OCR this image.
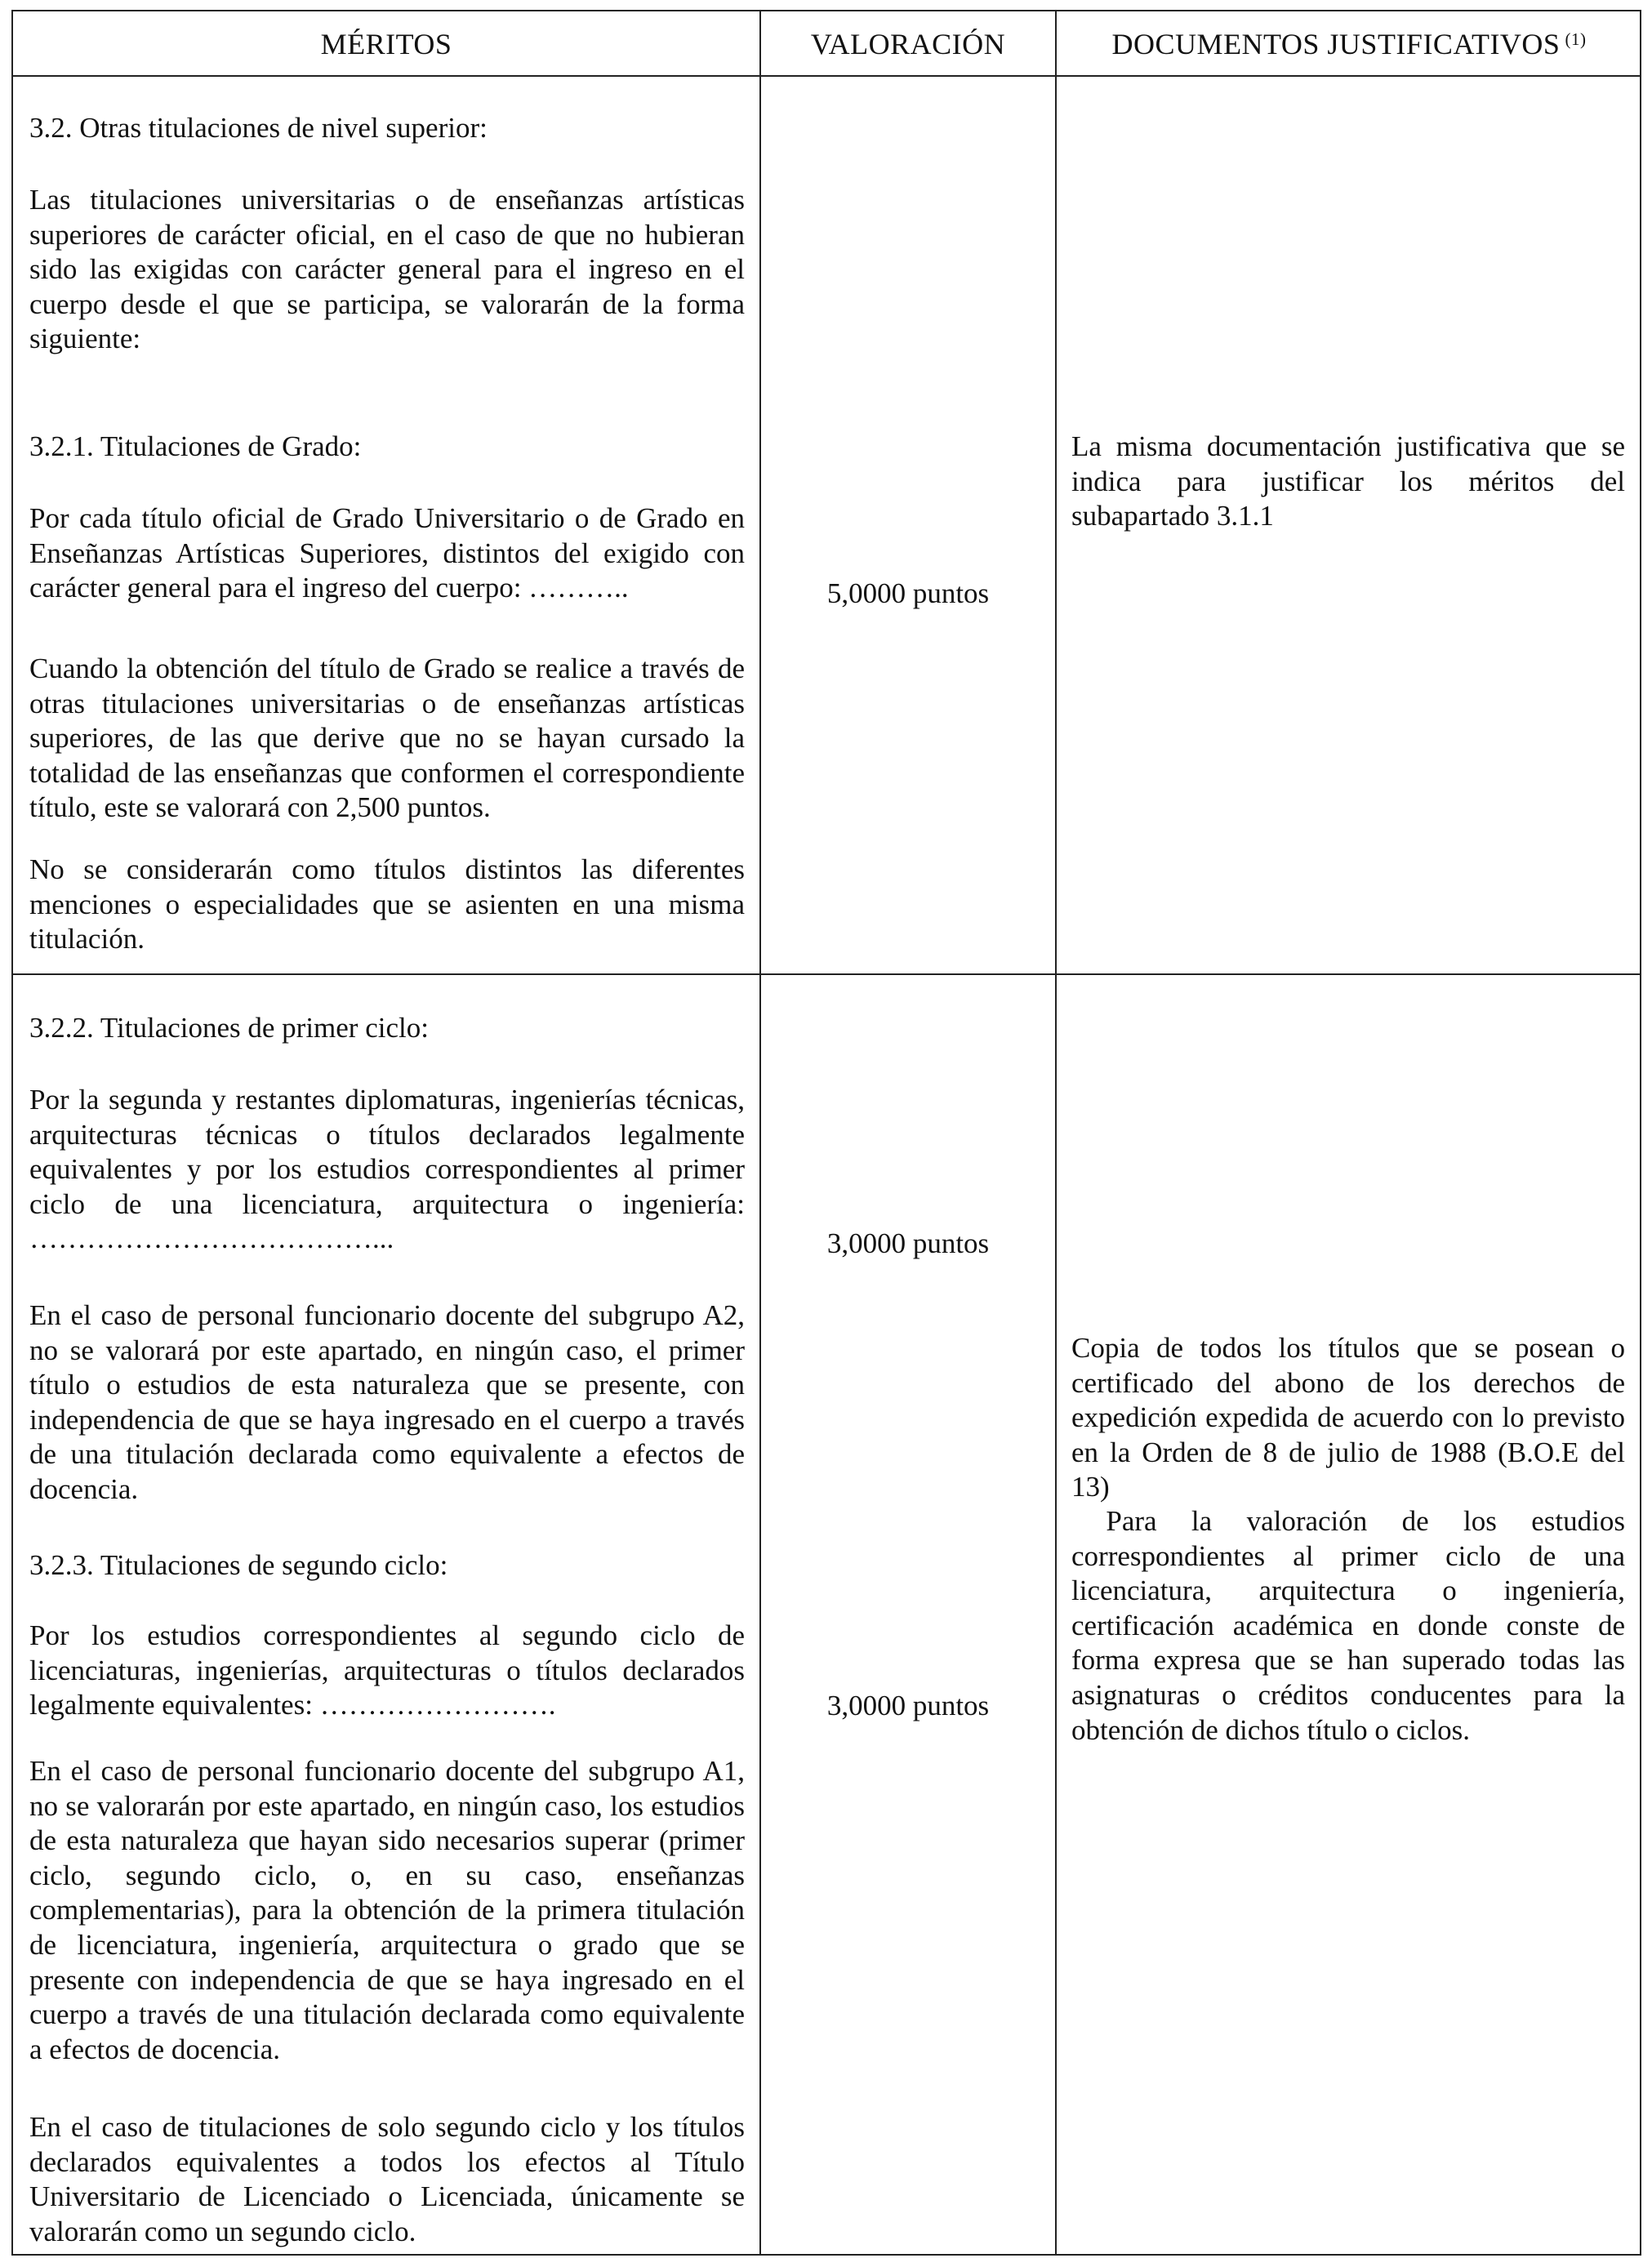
MÉRITOS	VALORACIÓN	DOCUMENTOS JUSTIFICATIVOS $^{(1)}$

3.2. Otras titulaciones de nivel superior:

Las titulaciones universitarias o de enseñanzas artísticas superiores de carácter oficial, en el caso de que no hubieran sido las exigidas con carácter general para el ingreso en el cuerpo desde el que se participa, se valorarán de la forma siguiente:

3.2.1. Titulaciones de Grado:

Por cada título oficial de Grado Universitario o de Grado en Enseñanzas Artísticas Superiores, distintos del exigido con carácter general para el ingreso del cuerpo: ………..

Cuando la obtención del título de Grado se realice a través de otras titulaciones universitarias o de enseñanzas artísticas superiores, de las que derive que no se hayan cursado la totalidad de las enseñanzas que conformen el correspondiente título, este se valorará con 2,500 puntos.

No se considerarán como títulos distintos las diferentes menciones o especialidades que se asienten en una misma titulación.

5,0000 puntos

La misma documentación justificativa que se indica para justificar los méritos del subapartado 3.1.1

3.2.2. Titulaciones de primer ciclo:

Por la segunda y restantes diplomaturas, ingenierías técnicas, arquitecturas técnicas o títulos declarados legalmente equivalentes y por los estudios correspondientes al primer ciclo de una licenciatura, arquitectura o ingeniería: ………………………………...

En el caso de personal funcionario docente del subgrupo A2, no se valorará por este apartado, en ningún caso, el primer título o estudios de esta naturaleza que se presente, con independencia de que se haya ingresado en el cuerpo a través de una titulación declarada como equivalente a efectos de docencia.

3,0000 puntos

3.2.3. Titulaciones de segundo ciclo:

Por los estudios correspondientes al segundo ciclo de licenciaturas, ingenierías, arquitecturas o títulos declarados legalmente equivalentes: …………………….

En el caso de personal funcionario docente del subgrupo A1, no se valorarán por este apartado, en ningún caso, los estudios de esta naturaleza que hayan sido necesarios superar (primer ciclo, segundo ciclo, o, en su caso, enseñanzas complementarias), para la obtención de la primera titulación de licenciatura, ingeniería, arquitectura o grado que se presente con independencia de que se haya ingresado en el cuerpo a través de una titulación declarada como equivalente a efectos de docencia.

En el caso de titulaciones de solo segundo ciclo y los títulos declarados equivalentes a todos los efectos al Título Universitario de Licenciado o Licenciada, únicamente se valorarán como un segundo ciclo.

3,0000 puntos

Copia de todos los títulos que se posean o certificado del abono de los derechos de expedición expedida de acuerdo con lo previsto en la Orden de 8 de julio de 1988 (B.O.E del 13)

Para la valoración de los estudios correspondientes al primer ciclo de una licenciatura, arquitectura o ingeniería, certificación académica en donde conste de forma expresa que se han superado todas las asignaturas o créditos conducentes para la obtención de dichos título o ciclos.
